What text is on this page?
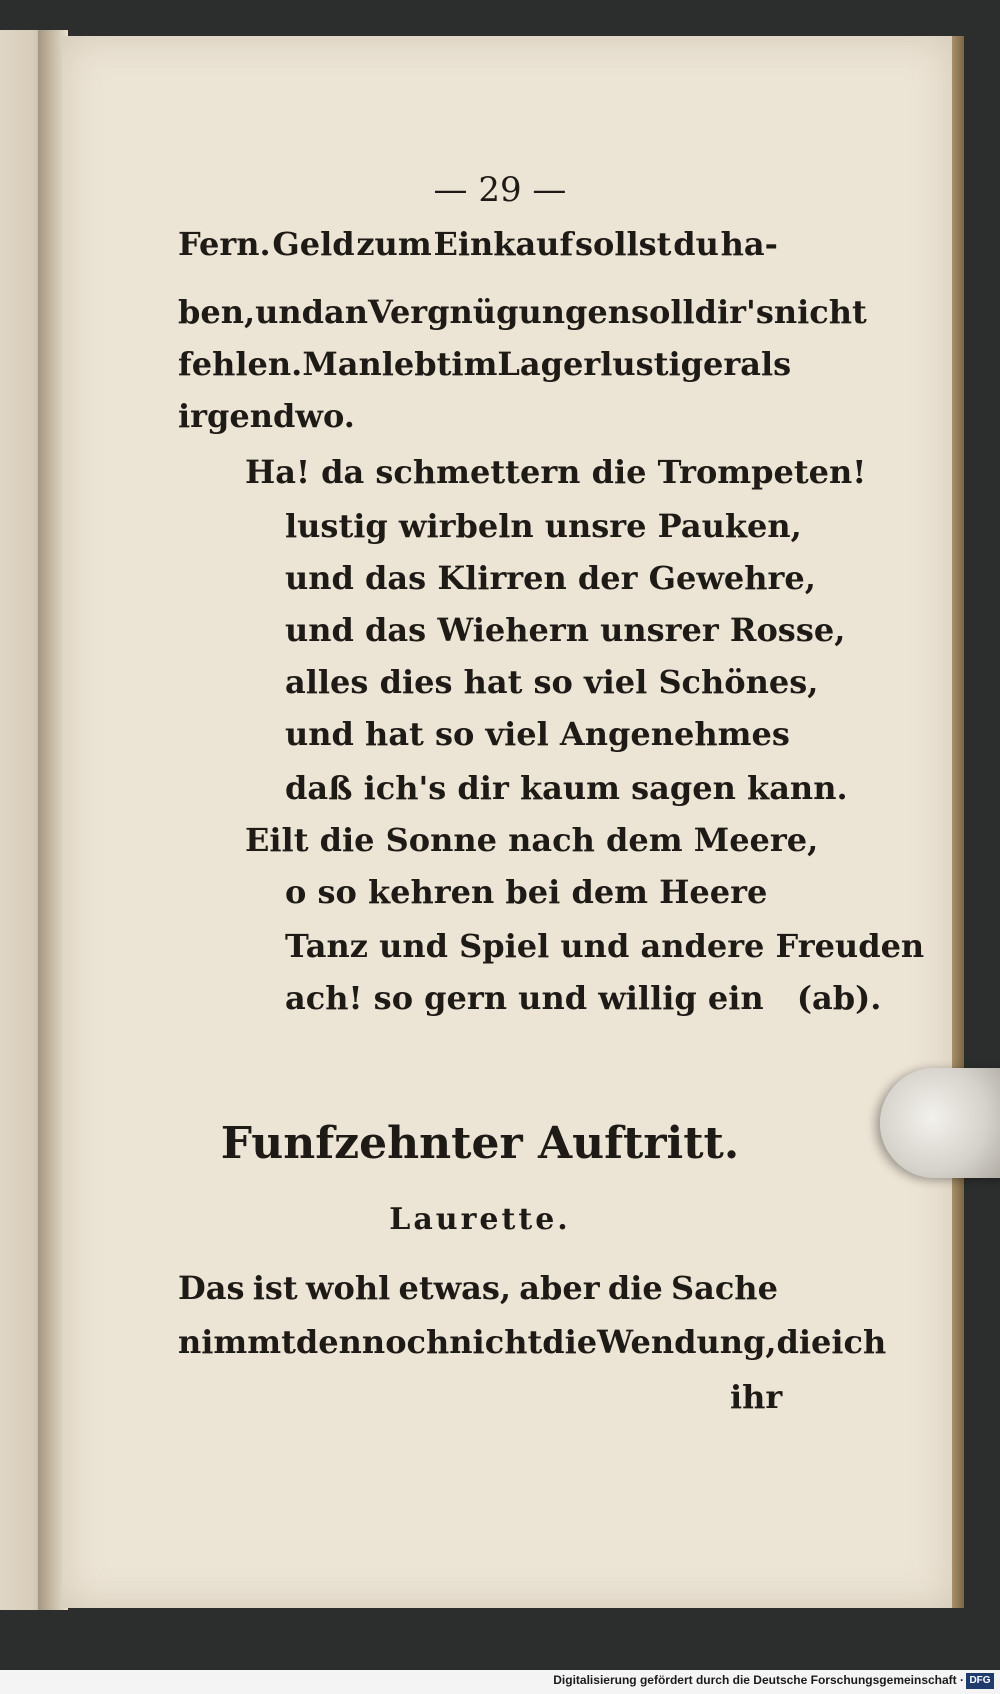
— 29 —
Fern. Geld zum Einkauf sollst du ha-
ben, und an Vergnügungen soll dir's nicht
fehlen. Man lebt im Lager lustiger als
irgendwo.
Ha! da schmettern die Trompeten!
lustig wirbeln unsre Pauken,
und das Klirren der Gewehre,
und das Wiehern unsrer Rosse,
alles dies hat so viel Schönes,
und hat so viel Angenehmes
daß ich's dir kaum sagen kann.
Eilt die Sonne nach dem Meere,
o so kehren bei dem Heere
Tanz und Spiel und andere Freuden
ach! so gern und willig ein (ab).
Funfzehnter Auftritt.
Laurette.
Das ist wohl etwas, aber die Sache
nimmt dennoch nicht die Wendung, die ich
ihr
Digitalisierung gefördert durch die Deutsche Forschungsgemeinschaft · DFG
